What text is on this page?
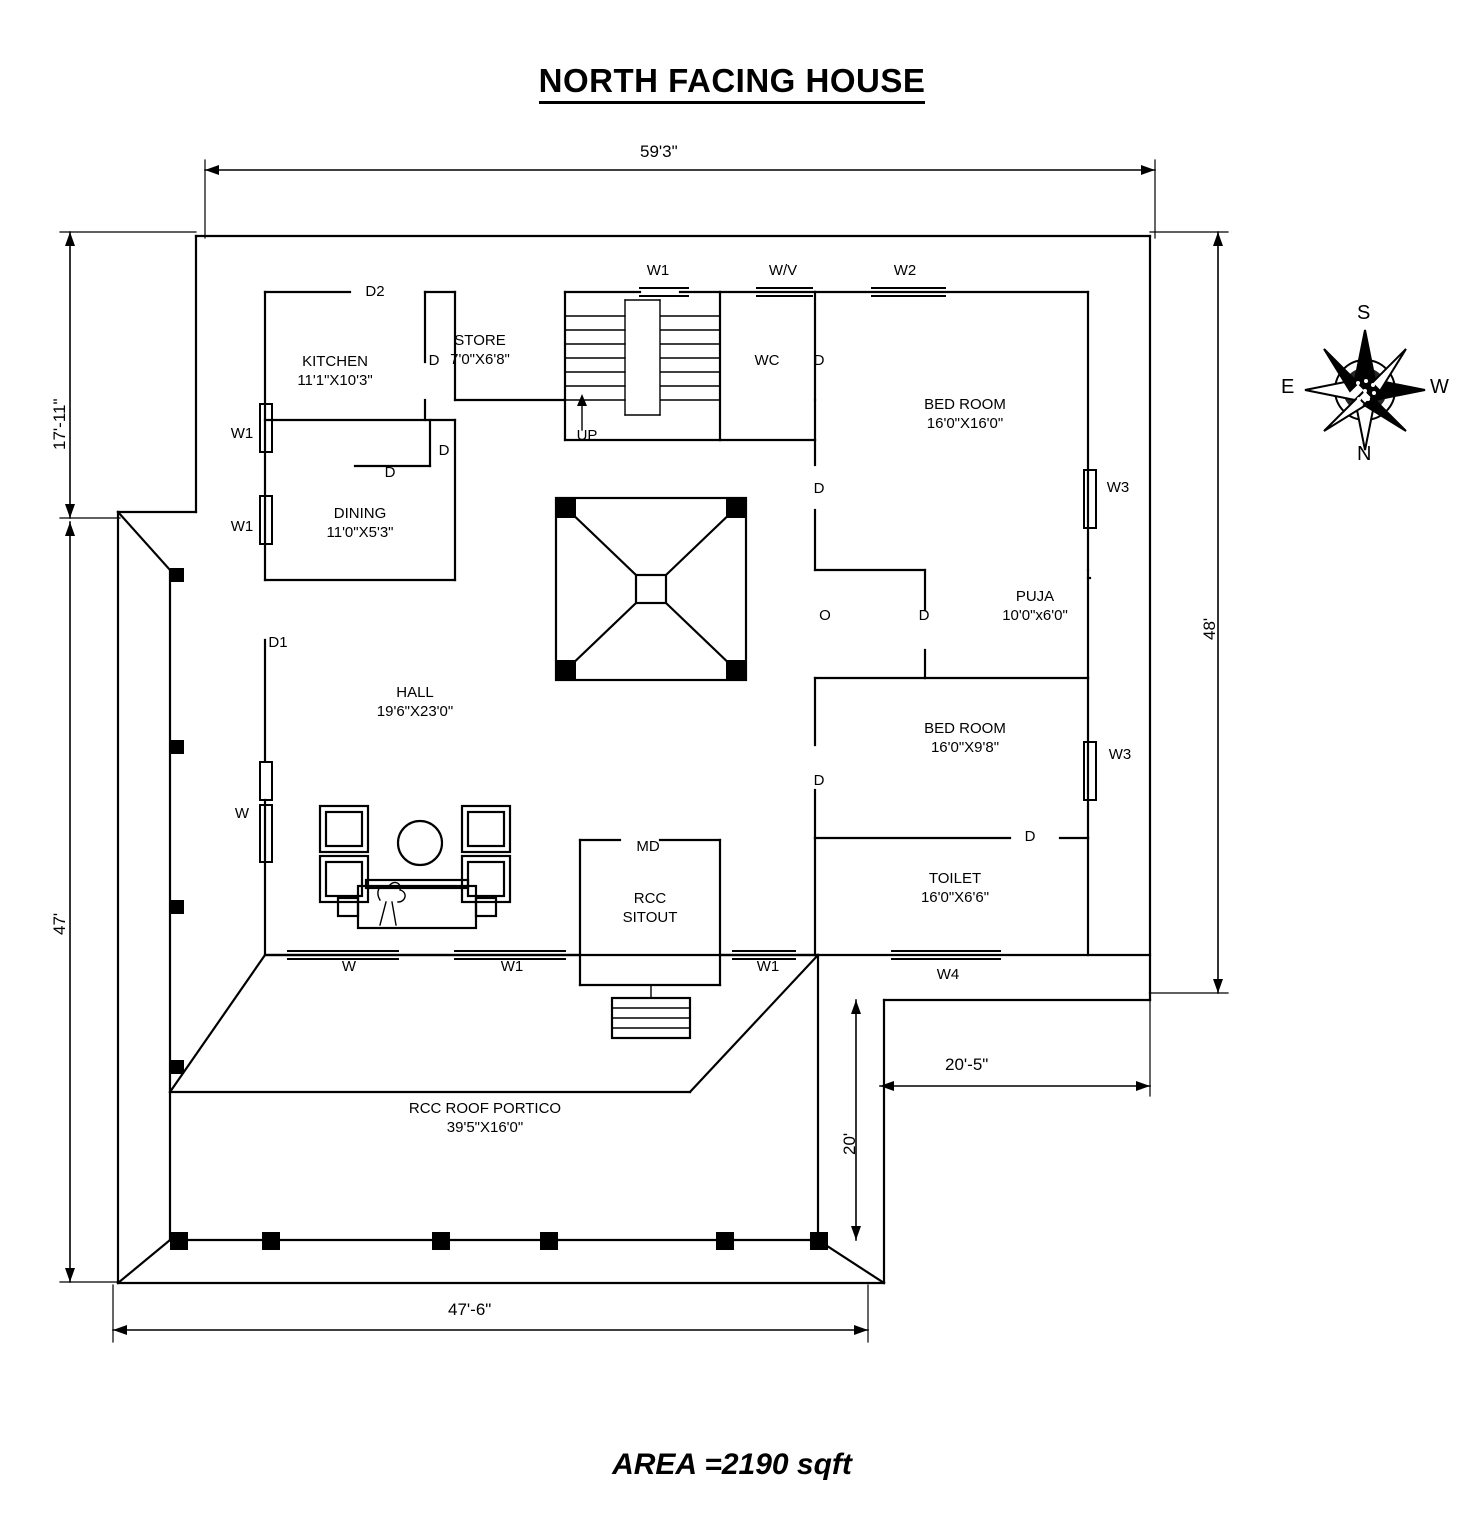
NORTH FACING HOUSE
59'3"
17'-11"
47'
48'
47'-6"
20'-5"
20'
KITCHEN
11'1"X10'3"
STORE
7'0"X6'8"	WC
BED ROOM
16'0"X16'0"
DINING
11'0"X5'3"
PUJA
10'0"x6'0"
HALL
19'6"X23'0"
BED ROOM
16'0"X9'8"
RCC
SITOUT
TOILET
16'0"X6'6"
RCC ROOF PORTICO
39'5"X16'0"
UP
O
D2
D
W1
W1
D
D
D1
W
W1	W/V	W2
D
D	W3
D
D
W3
D
MD
W	W1	W1	W4
S
W
N
E
AREA =2190 sqft
